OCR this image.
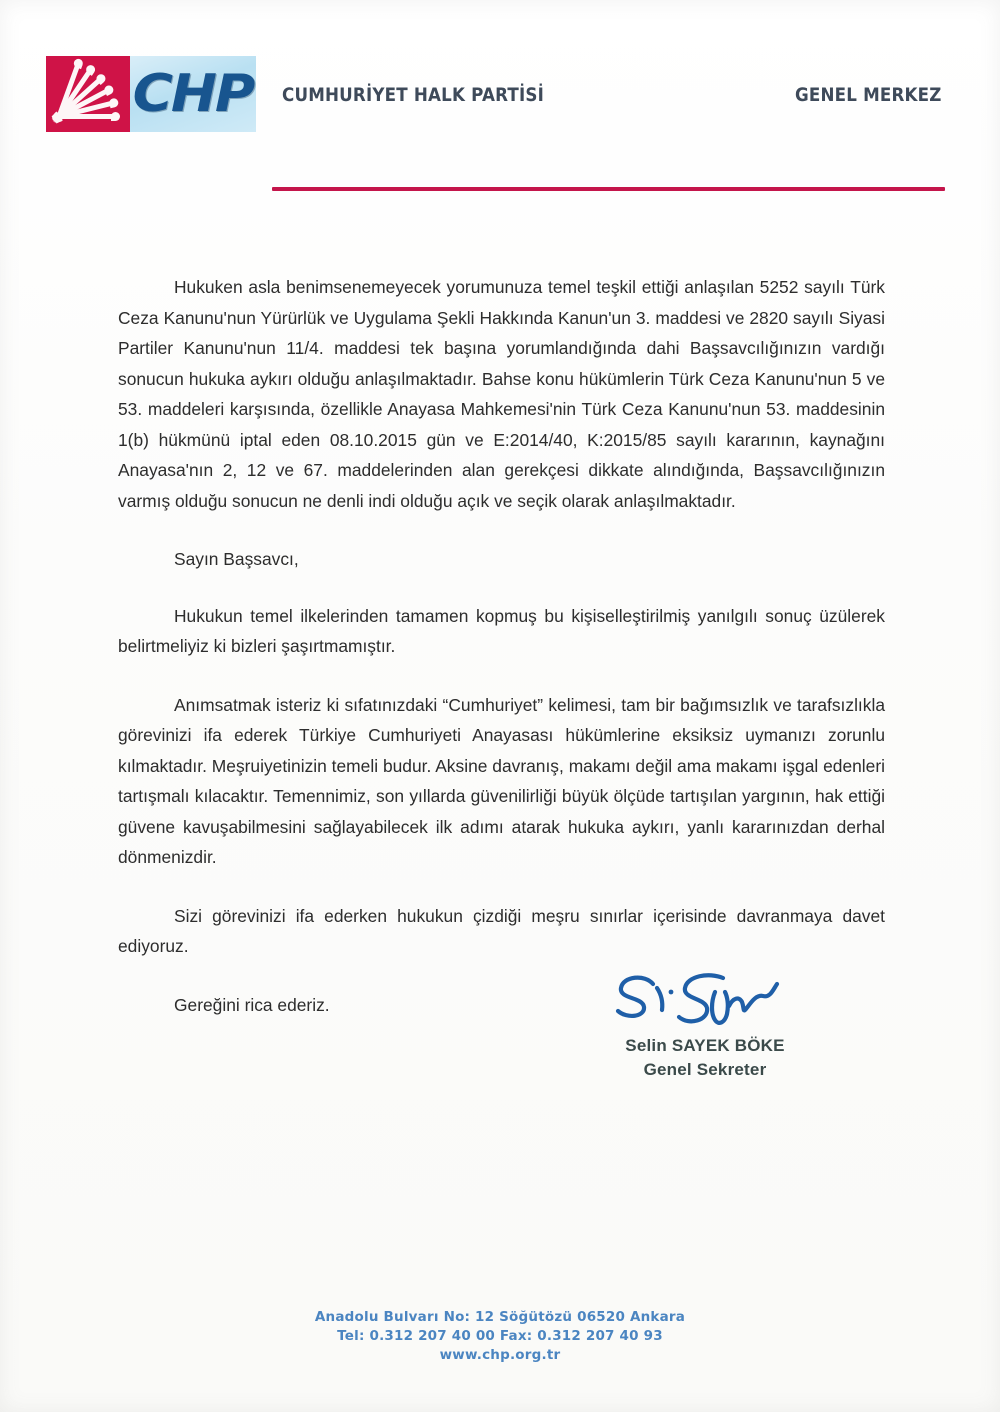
CHP CUMHURİYET HALK PARTİSİ	GENEL MERKEZ

Hukuken asla benimsenemeyecek yorumunuza temel teşkil ettiği anlaşılan 5252 sayılı Türk Ceza Kanunu'nun Yürürlük ve Uygulama Şekli Hakkında Kanun'un 3. maddesi ve 2820 sayılı Siyasi Partiler Kanunu'nun 11/4. maddesi tek başına yorumlandığında dahi Başsavcılığınızın vardığı sonucun hukuka aykırı olduğu anlaşılmaktadır. Bahse konu hükümlerin Türk Ceza Kanunu'nun 5 ve 53. maddeleri karşısında, özellikle Anayasa Mahkemesi'nin Türk Ceza Kanunu'nun 53. maddesinin 1(b) hükmünü iptal eden 08.10.2015 gün ve E:2014/40, K:2015/85 sayılı kararının, kaynağını Anayasa'nın 2, 12 ve 67. maddelerinden alan gerekçesi dikkate alındığında, Başsavcılığınızın varmış olduğu sonucun ne denli indi olduğu açık ve seçik olarak anlaşılmaktadır.

Sayın Başsavcı,

Hukukun temel ilkelerinden tamamen kopmuş bu kişiselleştirilmiş yanılgılı sonuç üzülerek belirtmeliyiz ki bizleri şaşırtmamıştır.

Anımsatmak isteriz ki sıfatınızdaki “Cumhuriyet” kelimesi, tam bir bağımsızlık ve tarafsızlıkla görevinizi ifa ederek Türkiye Cumhuriyeti Anayasası hükümlerine eksiksiz uymanızı zorunlu kılmaktadır. Meşruiyetinizin temeli budur. Aksine davranış, makamı değil ama makamı işgal edenleri tartışmalı kılacaktır. Temennimiz, son yıllarda güvenilirliği büyük ölçüde tartışılan yargının, hak ettiği güvene kavuşabilmesini sağlayabilecek ilk adımı atarak hukuka aykırı, yanlı kararınızdan derhal dönmenizdir.

Sizi görevinizi ifa ederken hukukun çizdiği meşru sınırlar içerisinde davranmaya davet ediyoruz.

Gereğini rica ederiz.

Selin SAYEK BÖKE
Genel Sekreter
Anadolu Bulvarı No: 12 Söğütözü 06520 Ankara
Tel: 0.312 207 40 00 Fax: 0.312 207 40 93
www.chp.org.tr
